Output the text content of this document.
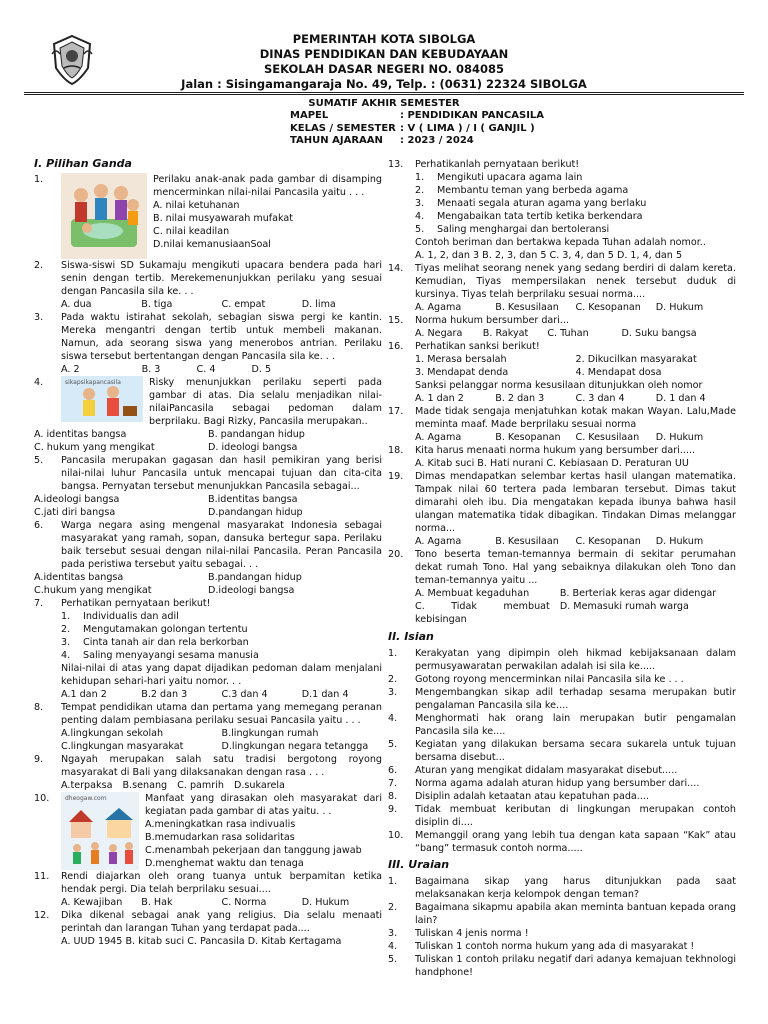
PEMERINTAH KOTA SIBOLGA
DINAS PENDIDIKAN DAN KEBUDAYAAN
SEKOLAH DASAR NEGERI NO. 084085
Jalan : Sisingamangaraja No. 49, Telp. : (0631) 22324 SIBOLGA
SUMATIF AKHIR SEMESTER
MAPEL	: PENDIDIKAN PANCASILA
KELAS / SEMESTER : V ( LIMA ) / I ( GANJIL )
TAHUN AJARAAN	: 2023 / 2024
I. Pilihan Ganda
1.	Perilaku anak-anak pada gambar di disamping mencerminkan nilai-nilai Pancasila yaitu . . .
A. nilai ketuhanan
B. nilai musyawarah mufakat
C. nilai keadilan
D.nilai kemanusiaanSoal
2.	Siswa-siswi SD Sukamaju mengikuti upacara bendera pada hari senin dengan tertib. Merekemenunjukkan perilaku yang sesuai dengan Pancasila sila ke. . .
A. dua	B. tiga	C. empat	D. lima
3.	Pada waktu istirahat sekolah, sebagian siswa pergi ke kantin. Mereka mengantri dengan tertib untuk membeli makanan. Namun, ada seorang siswa yang menerobos antrian. Perilaku siswa tersebut bertentangan dengan Pancasila sila ke. . .
A. 2	B. 3	C. 4	D. 5
4.	sikapsikapancasila	Risky menunjukkan perilaku seperti pada gambar di atas. Dia selalu menjadikan nilai-nilaiPancasila sebagai pedoman dalam berprilaku. Bagi Rizky, Pancasila merupakan..
A. identitas bangsa	B. pandangan hidup
C. hukum yang mengikat	D. ideologi bangsa
5.	Pancasila merupakan gagasan dan hasil pemikiran yang berisi nilai-nilai luhur Pancasila untuk mencapai tujuan dan cita-cita bangsa. Pernyatan tersebut menunjukkan Pancasila sebagai...
A.ideologi bangsa	B.identitas bangsa
C.jati diri bangsa	D.pandangan hidup
6.	Warga negara asing mengenal masyarakat Indonesia sebagai masyarakat yang ramah, sopan, dansuka bertegur sapa. Perilaku baik tersebut sesuai dengan nilai-nilai Pancasila. Peran Pancasila pada peristiwa tersebut yaitu sebagai. . .
A.identitas bangsa	B.pandangan hidup
C.hukum yang mengikat	D.ideologi bangsa
7.	Perhatikan pernyataan berikut!
1.	Individualis dan adil
2.	Mengutamakan golongan tertentu
3.	Cinta tanah air dan rela berkorban
4.	Saling menyayangi sesama manusia
Nilai-nilai di atas yang dapat dijadikan pedoman dalam menjalani kehidupan sehari-hari yaitu nomor. . .
A.1 dan 2	B.2 dan 3	C.3 dan 4	D.1 dan 4
8.	Tempat pendidikan utama dan pertama yang memegang peranan penting dalam pembiasana perilaku sesuai Pancasila yaitu . . .
A.lingkungan sekolah	B.lingkungan rumah
C.lingkungan masyarakat	D.lingkungan negara tetangga
9.	Ngayah merupakan salah satu tradisi bergotong royong masyarakat di Bali yang dilaksanakan dengan rasa . . .
A.terpaksa B.senang C. pamrih D.sukarela
10.	dheogaw.com	Manfaat yang dirasakan oleh masyarakat dari kegiatan pada gambar di atas yaitu. . .
A.meningkatkan rasa indivualis
B.memudarkan rasa solidaritas
C.menambah pekerjaan dan tanggung jawab
D.menghemat waktu dan tenaga
11.	Rendi diajarkan oleh orang tuanya untuk berpamitan ketika hendak pergi. Dia telah berprilaku sesuai....
A. Kewajiban	B. Hak	C. Norma	D. Hukum
12.	Dika dikenal sebagai anak yang religius. Dia selalu menaati perintah dan larangan Tuhan yang terdapat pada....
A. UUD 1945 B. kitab suci C. Pancasila D. Kitab Kertagama
13.	Perhatikanlah pernyataan berikut!
1.	Mengikuti upacara agama lain
2.	Membantu teman yang berbeda agama
3.	Menaati segala aturan agama yang berlaku
4.	Mengabaikan tata tertib ketika berkendara
5.	Saling menghargai dan bertoleransi
Contoh beriman dan bertakwa kepada Tuhan adalah nomor..
A. 1, 2, dan 3 B. 2, 3, dan 5 C. 3, 4, dan 5 D. 1, 4, dan 5
14.	Tiyas melihat seorang nenek yang sedang berdiri di dalam kereta. Kemudian, Tiyas mempersilakan nenek tersebut duduk di kursinya. Tiyas telah berprilaku sesuai norma....
A. Agama	B. Kesusilaan	C. Kesopanan	D. Hukum
15.	Norma hukum bersumber dari...
A. Negara	B. Rakyat	C. Tuhan	D. Suku bangsa
16.	Perhatikan sanksi berikut!
1. Merasa bersalah	2. Dikucilkan masyarakat
3. Mendapat denda	4. Mendapat dosa
Sanksi pelanggar norma kesusilaan ditunjukkan oleh nomor
A. 1 dan 2	B. 2 dan 3	C. 3 dan 4	D. 1 dan 4
17.	Made tidak sengaja menjatuhkan kotak makan Wayan. Lalu,Made meminta maaf. Made berprilaku sesuai norma
A. Agama	B. Kesopanan	C. Kesusilaan	D. Hukum
18.	Kita harus menaati norma hukum yang bersumber dari.....
A. Kitab suci B. Hati nurani C. Kebiasaan D. Peraturan UU
19.	Dimas mendapatkan selembar kertas hasil ulangan matematika. Tampak nilai 60 tertera pada lembaran tersebut. Dimas takut dimarahi oleh ibu. Dia mengatakan kepada ibunya bahwa hasil ulangan matematika tidak dibagikan. Tindakan Dimas melanggar norma...
A. Agama	B. Kesusilaan	C. Kesopanan	D. Hukum
20.	Tono beserta teman-temannya bermain di sekitar perumahan dekat rumah Tono. Hal yang sebaiknya dilakukan oleh Tono dan teman-temannya yaitu ...
A. Membuat kegaduhan	B. Berteriak keras agar didengar
C. Tidak membuat kebisingan
D. Memasuki rumah warga
II. Isian
1.	Kerakyatan yang dipimpin oleh hikmad kebijaksanaan dalam permusyawaratan perwakilan adalah isi sila ke.....
2.	Gotong royong mencerminkan nilai Pancasila sila ke . . .
3.	Mengembangkan sikap adil terhadap sesama merupakan butir pengalaman Pancasila sila ke....
4.	Menghormati hak orang lain merupakan butir pengamalan Pancasila sila ke....
5.	Kegiatan yang dilakukan bersama secara sukarela untuk tujuan bersama disebut...
6.	Aturan yang mengikat didalam masyarakat disebut.....
7.	Norma agama adalah aturan hidup yang bersumber dari....
8.	Disiplin adalah ketaatan atau kepatuhan pada....
9.	Tidak membuat keributan di lingkungan merupakan contoh disiplin di....
10.	Memanggil orang yang lebih tua dengan kata sapaan “Kak” atau “bang” termasuk contoh norma.....
III. Uraian
1.	Bagaimana sikap yang harus ditunjukkan pada saat melaksanakan kerja kelompok dengan teman?
2.	Bagaimana sikapmu apabila akan meminta bantuan kepada orang lain?
3.	Tuliskan 4 jenis norma !
4.	Tuliskan 1 contoh norma hukum yang ada di masyarakat !
5.	Tuliskan 1 contoh prilaku negatif dari adanya kemajuan tekhnologi handphone!
